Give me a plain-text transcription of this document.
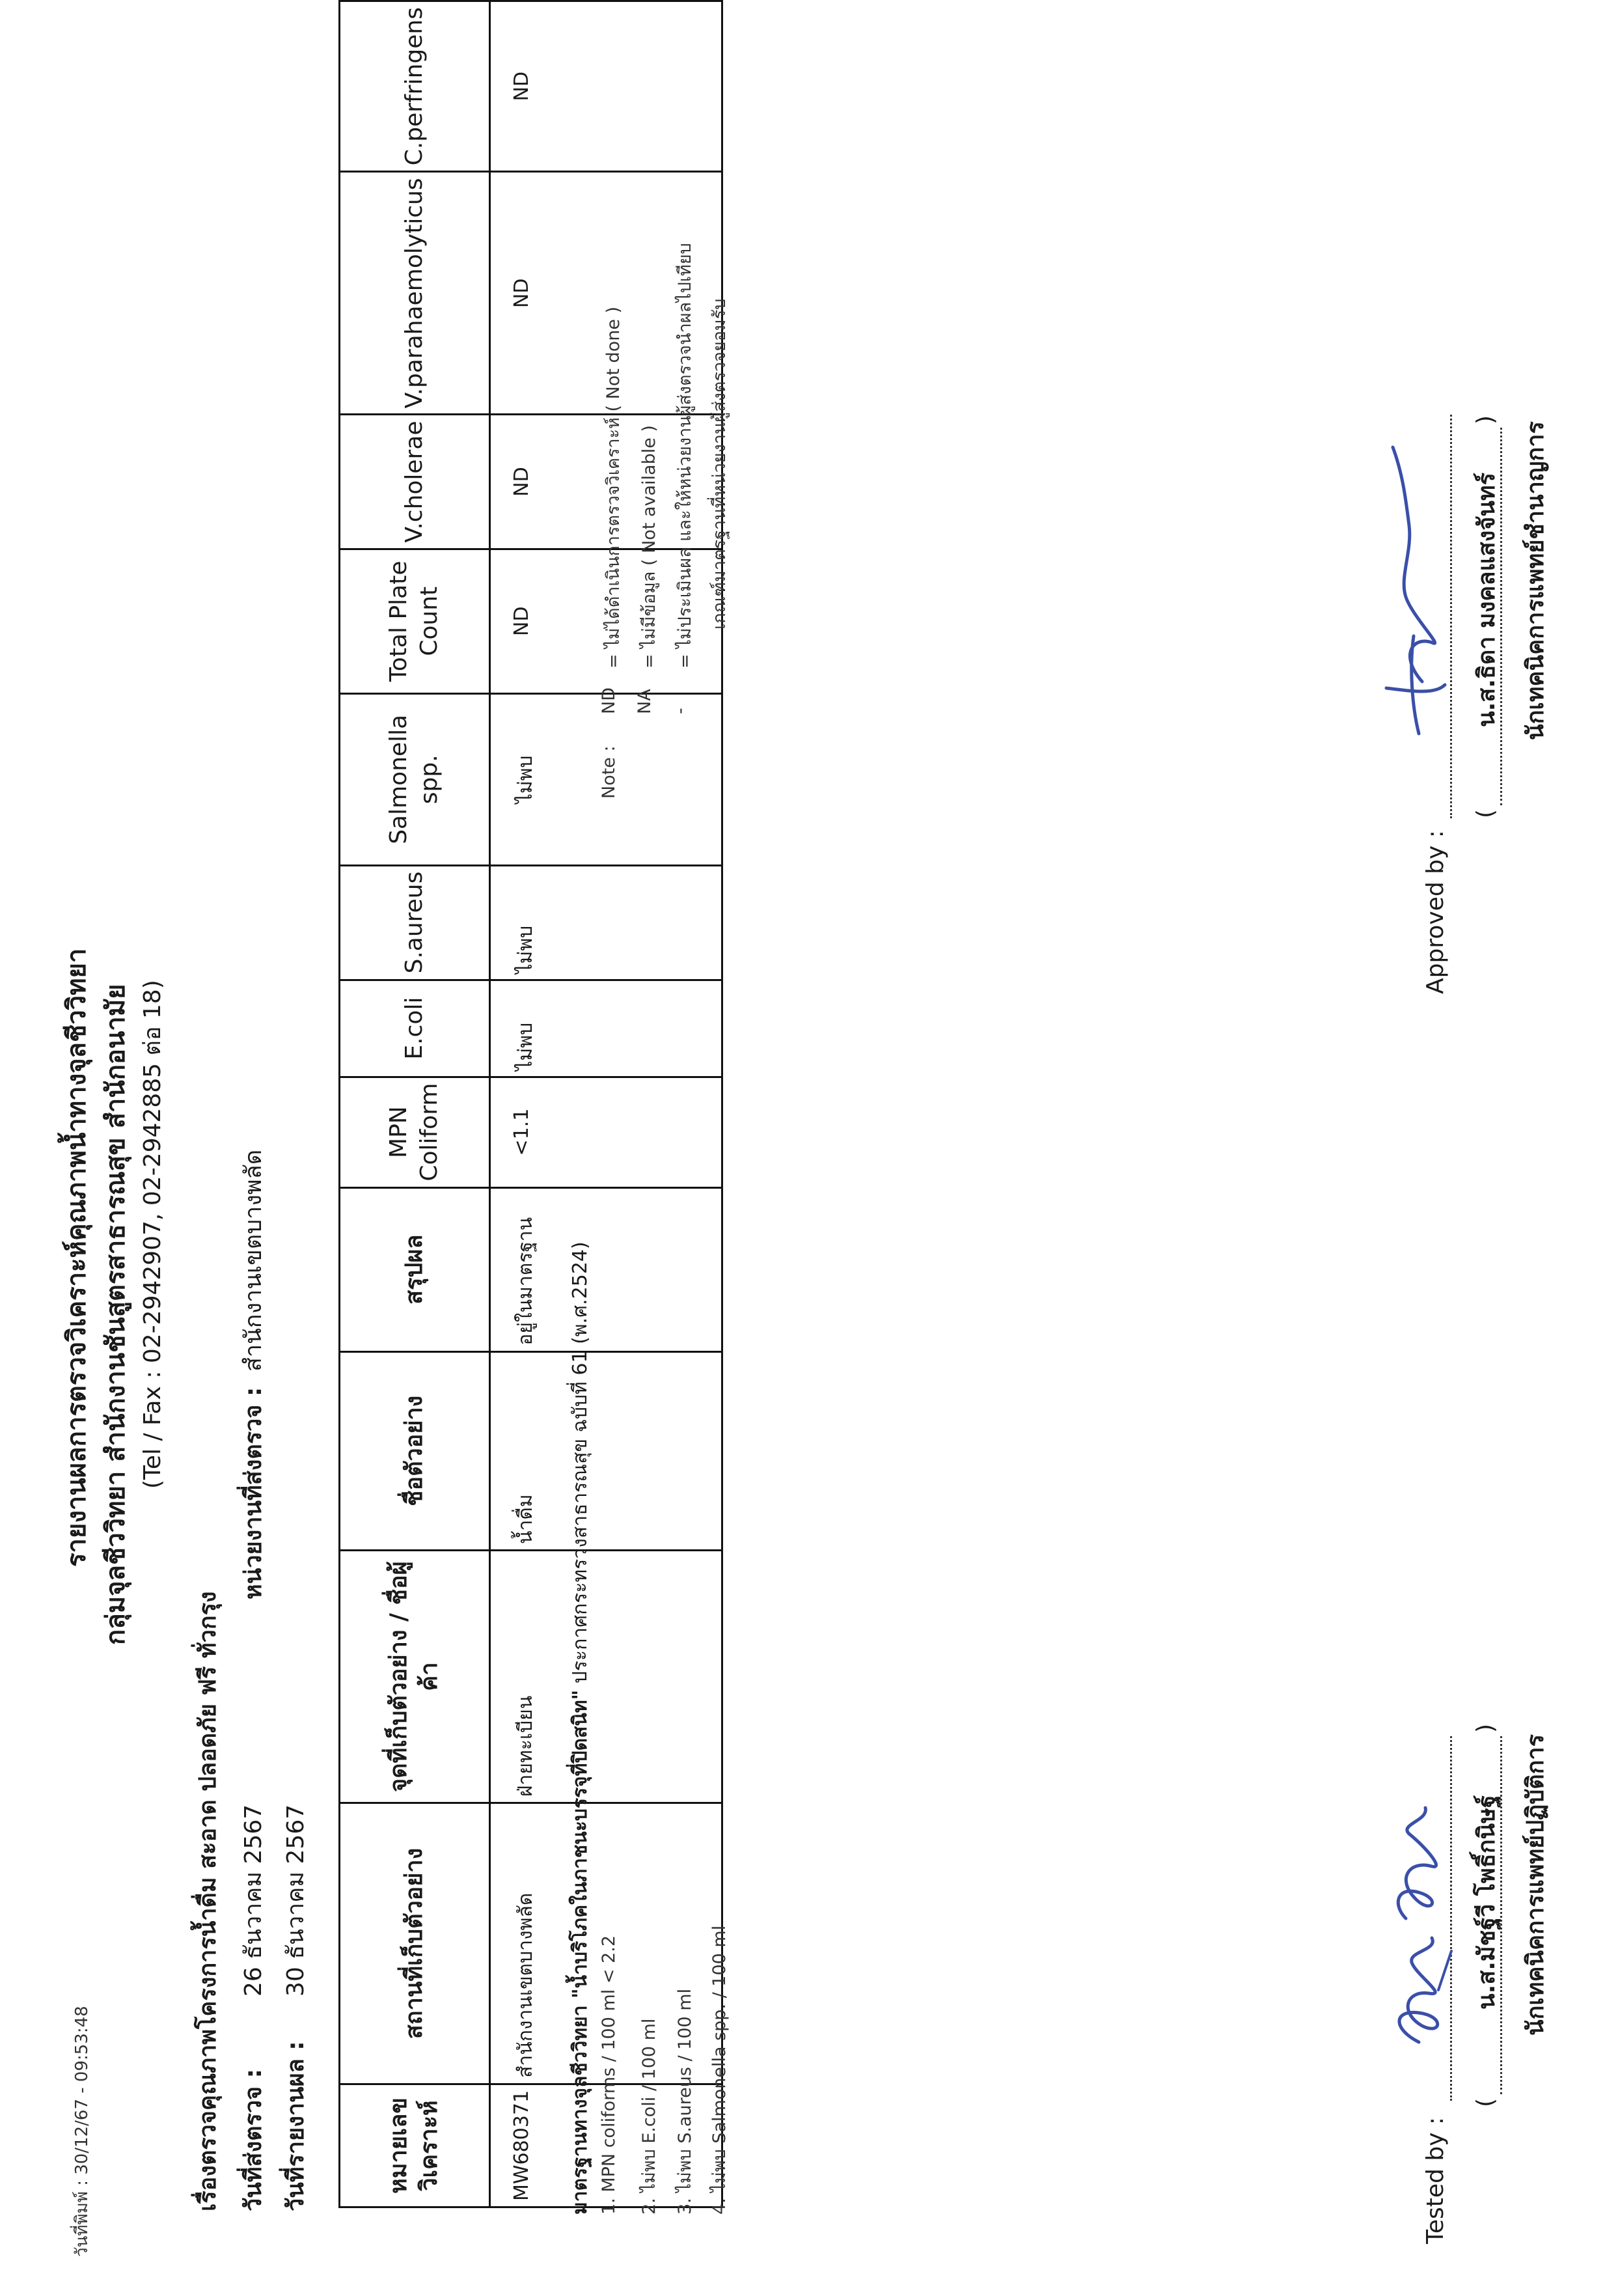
วันที่พิมพ์ : 30/12/67 - 09:53:48
รายงานผลการตรวจวิเคราะห์คุณภาพน้ำทางจุลชีววิทยา กลุ่มจุลชีววิทยา สำนักงานชันสูตรสาธารณสุข สำนักอนามัย (Tel / Fax : 02-2942907, 02-2942885 ต่อ 18)
เรื่องตรวจคุณภาพโครงการน้ำดื่ม สะอาด ปลอดภัย ฟรี ทั่วกรุง วันที่ส่งตรวจ :
26 ธันวาคม 2567
วันที่รายงานผล :
30 ธันวาคม 2567
หน่วยงานที่ส่งตรวจ :
สำนักงานเขตบางพลัด
หมายเลขวิเคราะห์	สถานที่เก็บตัวอย่าง	จุดที่เก็บตัวอย่าง / ชื่อผู้ค้า	ชื่อตัวอย่าง	สรุปผล	MPN Coliform	E.coli	S.aureus	Salmonella spp.	Total Plate Count	V.cholerae	V.parahaemolyticus	C.perfringens
MW680371	สำนักงานเขตบางพลัด	ฝ่ายทะเบียน	น้ำดื่ม	อยู่ในมาตรฐาน	<1.1	ไม่พบ	ไม่พบ	ไม่พบ	ND	ND	ND	ND
มาตรฐานทางจุลชีววิทยา "น้ำบริโภคในภาชนะบรรจุที่ปิดสนิท" ประกาศกระทรวงสาธารณสุข ฉบับที่ 61 (พ.ศ.2524)
1. MPN coliforms / 100 ml < 2.2 2. ไม่พบ E.coli / 100 ml 3. ไม่พบ S.aureus / 100 ml 4. ไม่พบ Salmonella spp. / 100 ml
Note :
ND
= ไม่ได้ดำเนินการตรวจวิเคราะห์ ( Not done )
NA
= ไม่มีข้อมูล ( Not available )
-
= ไม่ประเมินผล และให้หน่วยงานผู้ส่งตรวจนำผลไปเทียบ เกณฑ์มาตรฐานที่หน่วยงานผู้ส่งตรวจยอมรับ
Tested by :
(
น.ส.มัชฐ์วี โพธิ์กนิษฐ์
)
นักเทคนิคการแพทย์ปฏิบัติการ
Approved by :
(
น.ส.ธิดา มงคลแสงจันทร์
)
นักเทคนิคการแพทย์ชำนาญการ
